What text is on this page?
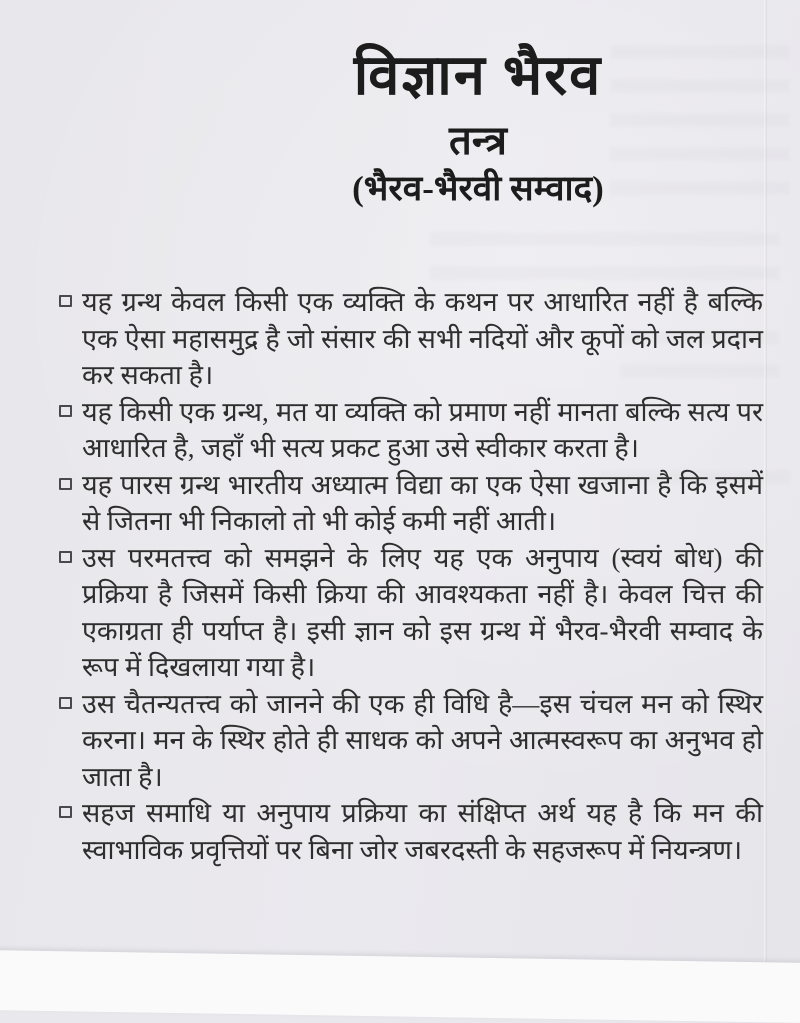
विज्ञान भैरव
तन्त्र
(भैरव-भैरवी सम्वाद)
यह ग्रन्थ केवल किसी एक व्यक्ति के कथन पर आधारित नहीं है बल्कि एक ऐसा महासमुद्र है जो संसार की सभी नदियों और कूपों को जल प्रदान कर सकता है।
यह किसी एक ग्रन्थ, मत या व्यक्ति को प्रमाण नहीं मानता बल्कि सत्य पर आधारित है, जहाँ भी सत्य प्रकट हुआ उसे स्वीकार करता है।
यह पारस ग्रन्थ भारतीय अध्यात्म विद्या का एक ऐसा खजाना है कि इसमें से जितना भी निकालो तो भी कोई कमी नहीं आती।
उस परमतत्त्व को समझने के लिए यह एक अनुपाय (स्वयं बोध) की प्रक्रिया है जिसमें किसी क्रिया की आवश्यकता नहीं है। केवल चित्त की एकाग्रता ही पर्याप्त है। इसी ज्ञान को इस ग्रन्थ में भैरव-भैरवी सम्वाद के रूप में दिखलाया गया है।
उस चैतन्यतत्त्व को जानने की एक ही विधि है—इस चंचल मन को स्थिर करना। मन के स्थिर होते ही साधक को अपने आत्मस्वरूप का अनुभव हो जाता है।
सहज समाधि या अनुपाय प्रक्रिया का संक्षिप्त अर्थ यह है कि मन की स्वाभाविक प्रवृत्तियों पर बिना जोर जबरदस्ती के सहजरूप में नियन्त्रण।
